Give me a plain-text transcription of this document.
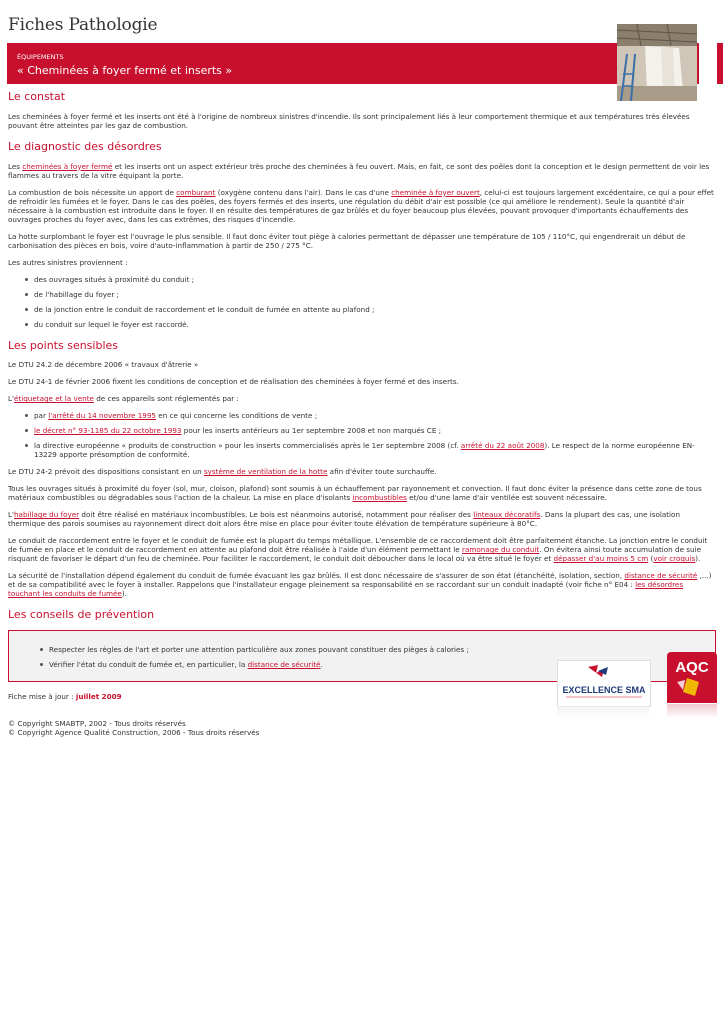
Fiches Pathologie
ÉQUIPEMENTS
« Cheminées à foyer fermé et inserts »
Le constat

Les cheminées à foyer fermé et les inserts ont été à l'origine de nombreux sinistres d'incendie. Ils sont principalement liés à leur comportement thermique et aux températures très élevées pouvant être atteintes par les gaz de combustion.

Le diagnostic des désordres

Les cheminées à foyer fermé et les inserts ont un aspect extérieur très proche des cheminées à feu ouvert. Mais, en fait, ce sont des poêles dont la conception et le design permettent de voir les flammes au travers de la vitre équipant la porte.

La combustion de bois nécessite un apport de comburant (oxygène contenu dans l'air). Dans le cas d'une cheminée à foyer ouvert, celui-ci est toujours largement excédentaire, ce qui a pour effet de refroidir les fumées et le foyer. Dans le cas des poêles, des foyers fermés et des inserts, une régulation du débit d'air est possible (ce qui améliore le rendement). Seule la quantité d'air nécessaire à la combustion est introduite dans le foyer. Il en résulte des températures de gaz brûlés et du foyer beaucoup plus élevées, pouvant provoquer d'importants échauffements des ouvrages proches du foyer avec, dans les cas extrêmes, des risques d'incendie.

La hotte surplombant le foyer est l'ouvrage le plus sensible. Il faut donc éviter tout piège à calories permettant de dépasser une température de 105 / 110°C, qui engendrerait un début de carbonisation des pièces en bois, voire d'auto-inflammation à partir de 250 / 275 °C.

Les autres sinistres proviennent :

des ouvrages situés à proximité du conduit ;
de l'habillage du foyer ;
de la jonction entre le conduit de raccordement et le conduit de fumée en attente au plafond ;
du conduit sur lequel le foyer est raccordé.
Les points sensibles

Le DTU 24.2 de décembre 2006 « travaux d'âtrerie »

Le DTU 24-1 de février 2006 fixent les conditions de conception et de réalisation des cheminées à foyer fermé et des inserts.

L'étiquetage et la vente de ces appareils sont réglementés par :

par l'arrêté du 14 novembre 1995 en ce qui concerne les conditions de vente ;
le décret n° 93-1185 du 22 octobre 1993 pour les inserts antérieurs au 1er septembre 2008 et non marqués CE ;
la directive européenne « produits de construction » pour les inserts commercialisés après le 1er septembre 2008 (cf. arrêté du 22 août 2008). Le respect de la norme européenne EN-13229 apporte présomption de conformité.

Le DTU 24-2 prévoit des dispositions consistant en un système de ventilation de la hotte afin d'éviter toute surchauffe.

Tous les ouvrages situés à proximité du foyer (sol, mur, cloison, plafond) sont soumis à un échauffement par rayonnement et convection. Il faut donc éviter la présence dans cette zone de tous matériaux combustibles ou dégradables sous l'action de la chaleur. La mise en place d'isolants incombustibles et/ou d'une lame d'air ventilée est souvent nécessaire.

L'habillage du foyer doit être réalisé en matériaux incombustibles. Le bois est néanmoins autorisé, notamment pour réaliser des linteaux décoratifs. Dans la plupart des cas, une isolation thermique des parois soumises au rayonnement direct doit alors être mise en place pour éviter toute élévation de température supérieure à 80°C.

Le conduit de raccordement entre le foyer et le conduit de fumée est la plupart du temps métallique. L'ensemble de ce raccordement doit être parfaitement étanche. La jonction entre le conduit de fumée en place et le conduit de raccordement en attente au plafond doit être réalisée à l'aide d'un élément permettant le ramonage du conduit. On évitera ainsi toute accumulation de suie risquant de favoriser le départ d'un feu de cheminée. Pour faciliter le raccordement, le conduit doit déboucher dans le local où va être situé le foyer et dépasser d'au moins 5 cm (voir croquis).

La sécurité de l'installation dépend également du conduit de fumée évacuant les gaz brûlés. Il est donc nécessaire de s'assurer de son état (étanchéité, isolation, section, distance de sécurité ,...) et de sa compatibilité avec le foyer à installer. Rappelons que l'installateur engage pleinement sa responsabilité en se raccordant sur un conduit inadapté (voir fiche n° E04 : les désordres touchant les conduits de fumée).

Les conseils de prévention
Respecter les règles de l'art et porter une attention particulière aux zones pouvant constituer des pièges à calories ;
Vérifier l'état du conduit de fumée et, en particulier, la distance de sécurité.

Fiche mise à jour : juillet 2009

© Copyright SMABTP, 2002 - Tous droits réservés
© Copyright Agence Qualité Construction, 2006 - Tous droits réservés
EXCELLENCE SMA
AQC
